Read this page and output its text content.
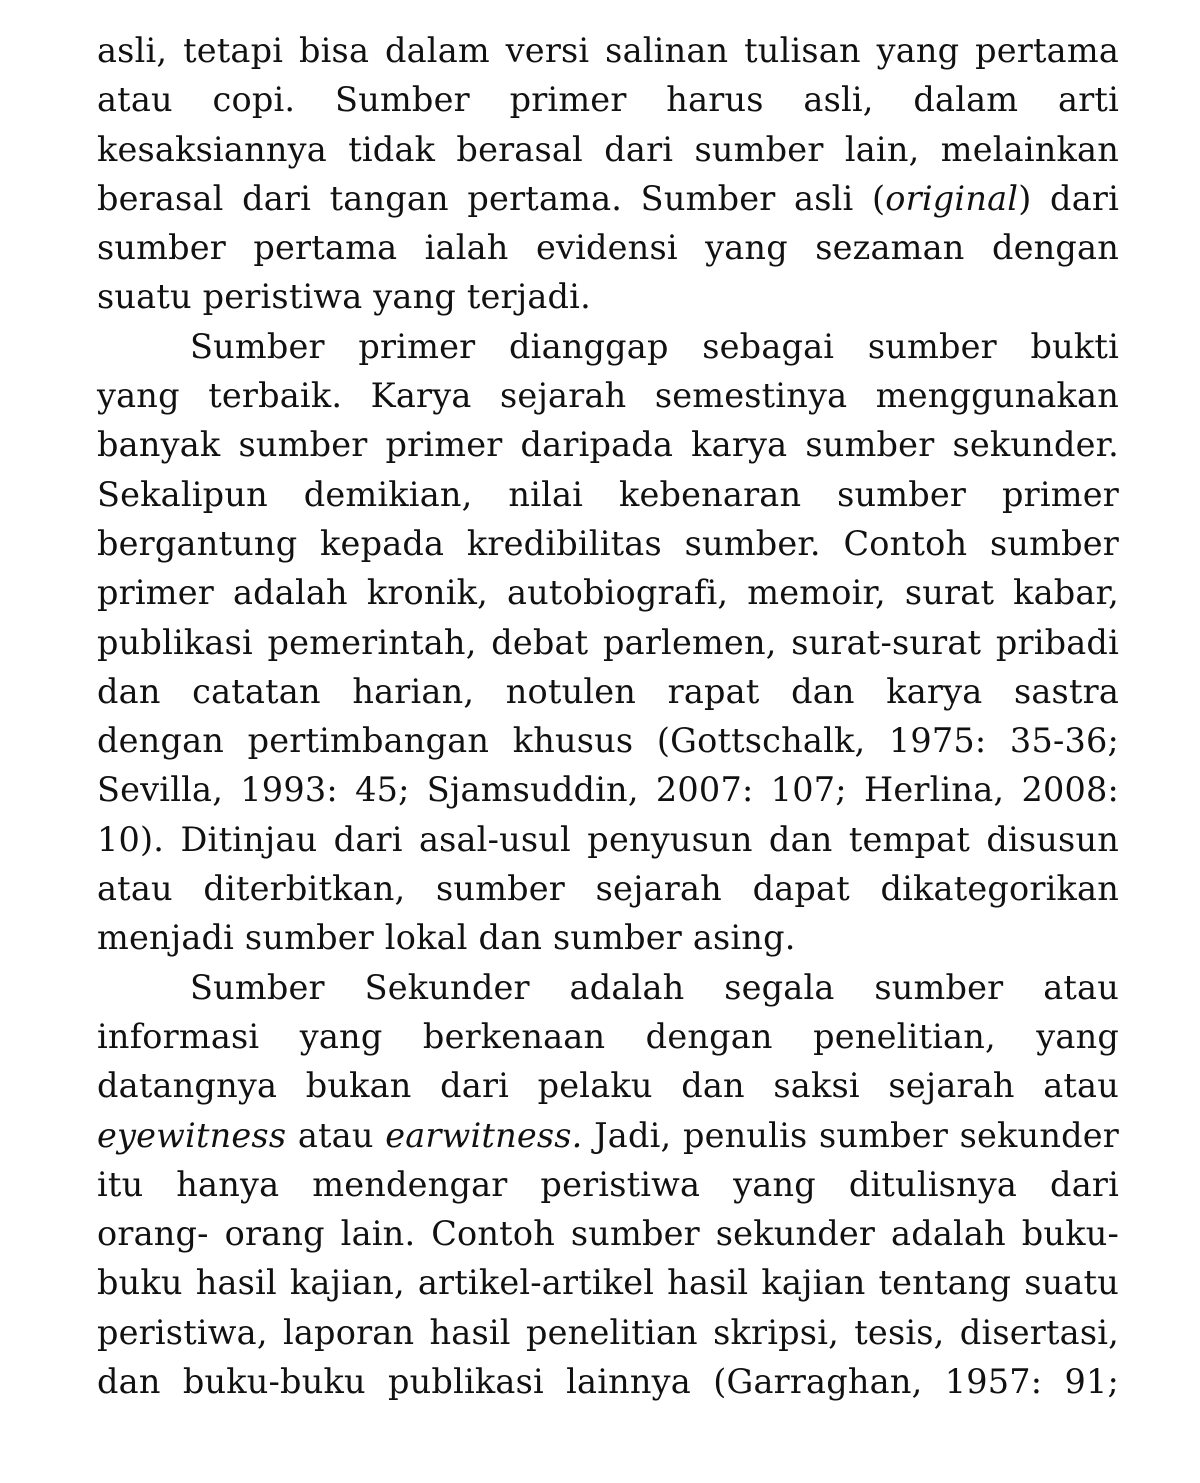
asli, tetapi bisa dalam versi salinan tulisan yang pertama
atau copi. Sumber primer harus asli, dalam arti
kesaksiannya tidak berasal dari sumber lain, melainkan
berasal dari tangan pertama. Sumber asli (original) dari
sumber pertama ialah evidensi yang sezaman dengan
suatu peristiwa yang terjadi.
Sumber primer dianggap sebagai sumber bukti
yang terbaik. Karya sejarah semestinya menggunakan
banyak sumber primer daripada karya sumber sekunder.
Sekalipun demikian, nilai kebenaran sumber primer
bergantung kepada kredibilitas sumber. Contoh sumber
primer adalah kronik, autobiografi, memoir, surat kabar,
publikasi pemerintah, debat parlemen, surat-surat pribadi
dan catatan harian, notulen rapat dan karya sastra
dengan pertimbangan khusus (Gottschalk, 1975: 35-36;
Sevilla, 1993: 45; Sjamsuddin, 2007: 107; Herlina, 2008:
10). Ditinjau dari asal-usul penyusun dan tempat disusun
atau diterbitkan, sumber sejarah dapat dikategorikan
menjadi sumber lokal dan sumber asing.
Sumber Sekunder adalah segala sumber atau
informasi yang berkenaan dengan penelitian, yang
datangnya bukan dari pelaku dan saksi sejarah atau
eyewitness atau earwitness. Jadi, penulis sumber sekunder
itu hanya mendengar peristiwa yang ditulisnya dari
orang- orang lain. Contoh sumber sekunder adalah buku-
buku hasil kajian, artikel-artikel hasil kajian tentang suatu
peristiwa, laporan hasil penelitian skripsi, tesis, disertasi,
dan buku-buku publikasi lainnya (Garraghan, 1957: 91;
